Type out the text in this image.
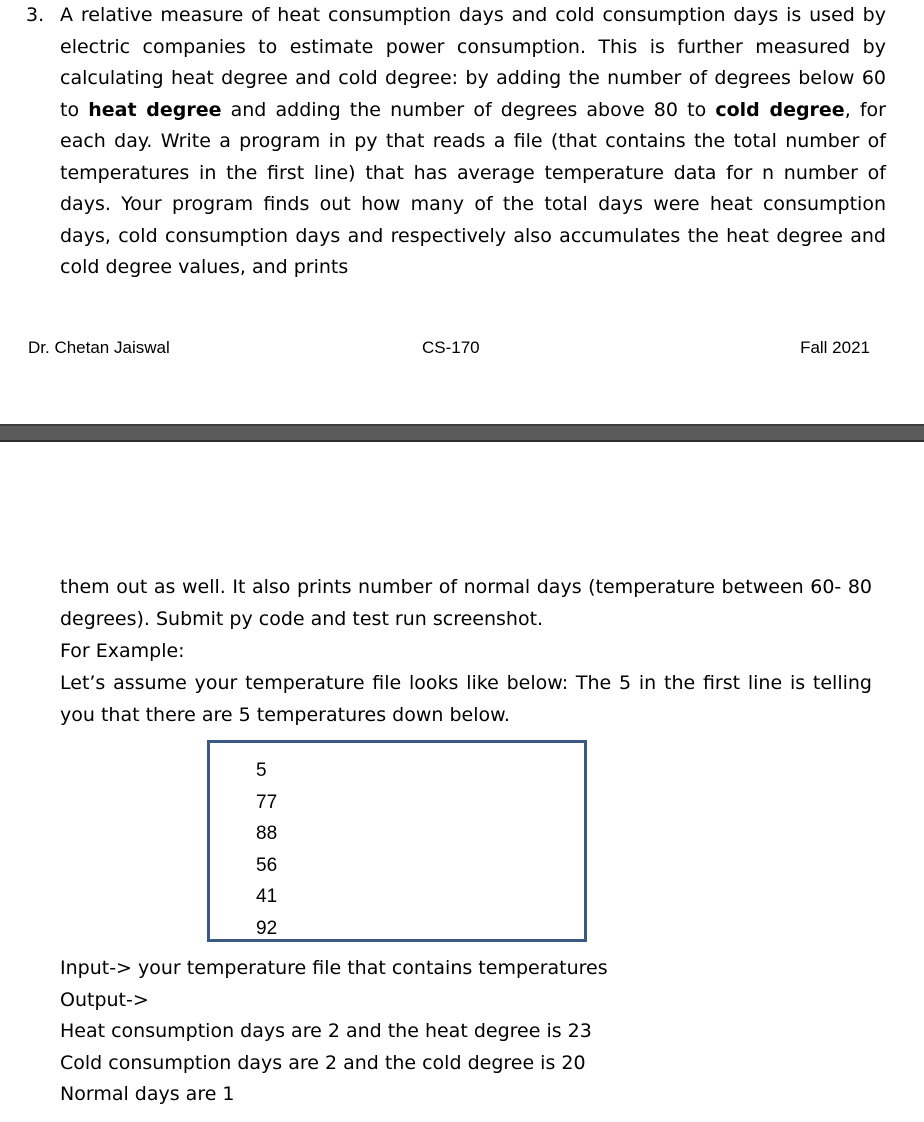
3. A relative measure of heat consumption days and cold consumption days is used by electric companies to estimate power consumption. This is further measured by calculating heat degree and cold degree: by adding the number of degrees below 60 to heat degree and adding the number of degrees above 80 to cold degree, for each day. Write a program in py that reads a file (that contains the total number of temperatures in the first line) that has average temperature data for n number of days. Your program finds out how many of the total days were heat consumption days, cold consumption days and respectively also accumulates the heat degree and cold degree values, and prints
Dr. Chetan Jaiswal	CS-170	Fall 2021
them out as well. It also prints number of normal days (temperature between 60- 80 degrees). Submit py code and test run screenshot.
For Example:
Let’s assume your temperature file looks like below: The 5 in the first line is telling you that there are 5 temperatures down below.
5
77
88
56
41
92
Input-> your temperature file that contains temperatures
Output->
Heat consumption days are 2 and the heat degree is 23
Cold consumption days are 2 and the cold degree is 20
Normal days are 1
